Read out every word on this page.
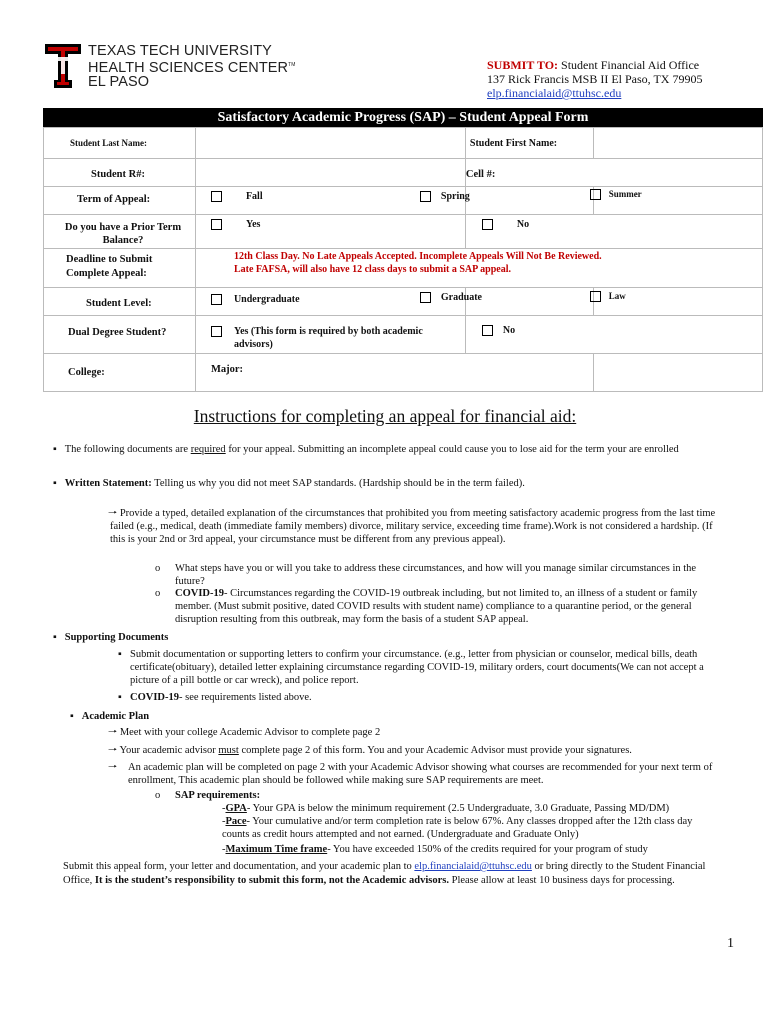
TEXAS TECH UNIVERSITY
HEALTH SCIENCES CENTER™
EL PASO
SUBMIT TO: Student Financial Aid Office
137 Rick Francis MSB II El Paso, TX 79905
elp.financialaid@ttuhsc.edu
Satisfactory Academic Progress (SAP) – Student Appeal Form
Student Last Name:		Student First Name:	

Student R#:		Cell #:	

Term of Appeal:	Fall	Spring	Summer

Do you have a Prior Term Balance?	Yes	No	

Deadline to Submit Complete Appeal:	12th Class Day. No Late Appeals Accepted. Incomplete Appeals Will Not Be Reviewed.
Late FAFSA, will also have 12 class days to submit a SAP appeal.		

Student Level:	Undergraduate	Graduate	Law

Dual Degree Student?	Yes (This form is required by both academic advisors)	No	

College:	Major:		

Instructions for completing an appeal for financial aid:
▪ The following documents are required for your appeal. Submitting an incomplete appeal could cause you to lose aid for the term your are enrolled
▪ Written Statement: Telling us why you did not meet SAP standards. (Hardship should be in the term failed).
🠒 Provide a typed, detailed explanation of the circumstances that prohibited you from meeting satisfactory academic progress from the last time failed (e.g., medical, death (immediate family members) divorce, military service, exceeding time frame).Work is not considered a hardship. (If this is your 2nd or 3rd appeal, your circumstance must be different from any previous appeal).
o	What steps have you or will you take to address these circumstances, and how will you manage similar circumstances in the future?
o	COVID-19- Circumstances regarding the COVID-19 outbreak including, but not limited to, an illness of a student or family member. (Must submit positive, dated COVID results with student name) compliance to a quarantine period, or the general disruption resulting from this outbreak, may form the basis of a student SAP appeal.
▪ Supporting Documents
▪ Submit documentation or supporting letters to confirm your circumstance. (e.g., letter from physician or counselor, medical bills, death certificate(obituary), detailed letter explaining circumstance regarding COVID-19, military orders, court documents(We can not accept a picture of a pill bottle or car wreck), and police report.
▪ COVID-19- see requirements listed above.
▪ Academic Plan
🠒 Meet with your college Academic Advisor to complete page 2
🠒 Your academic advisor must complete page 2 of this form. You and your Academic Advisor must provide your signatures.
🠒	An academic plan will be completed on page 2 with your Academic Advisor showing what courses are recommended for your next term of enrollment, This academic plan should be followed while making sure SAP requirements are meet.
o SAP requirements:
-GPA- Your GPA is below the minimum requirement (2.5 Undergraduate, 3.0 Graduate, Passing MD/DM)
-Pace- Your cumulative and/or term completion rate is below 67%. Any classes dropped after the 12th class day counts as credit hours attempted and not earned. (Undergraduate and Graduate Only)
-Maximum Time frame- You have exceeded 150% of the credits required for your program of study
Submit this appeal form, your letter and documentation, and your academic plan to elp.financialaid@ttuhsc.edu or bring directly to the Student Financial Office, It is the student’s responsibility to submit this form, not the Academic advisors. Please allow at least 10 business days for processing.
1
